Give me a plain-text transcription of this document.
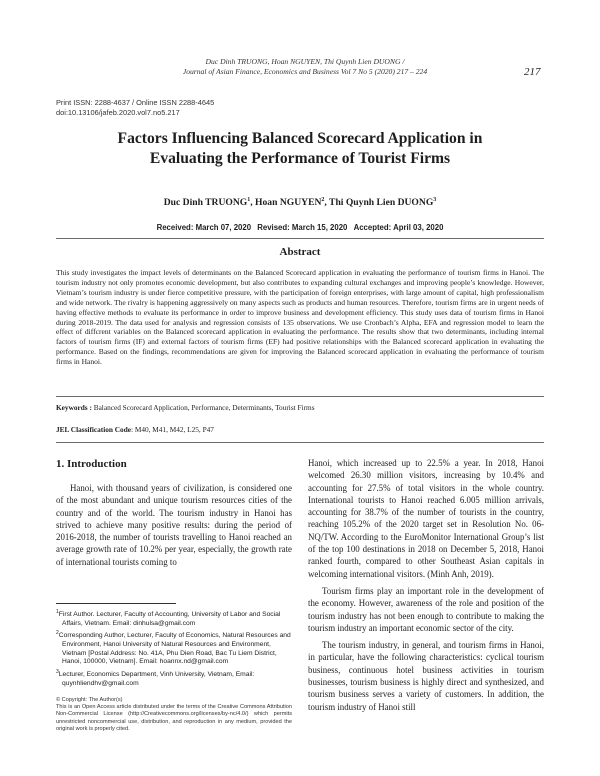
Duc Dinh TRUONG, Hoan NGUYEN, Thi Quynh Lien DUONG /
Journal of Asian Finance, Economics and Business Vol 7 No 5 (2020) 217 – 224	217
Print ISSN: 2288-4637 / Online ISSN 2288-4645
doi:10.13106/jafeb.2020.vol7.no5.217
Factors Influencing Balanced Scorecard Application in
Evaluating the Performance of Tourist Firms
Duc Dinh TRUONG$^1$, Hoan NGUYEN$^2$, Thi Quynh Lien DUONG$^3$
Received: March 07, 2020 Revised: March 15, 2020 Accepted: April 03, 2020
Abstract
This study investigates the impact levels of determinants on the Balanced Scorecard application in evaluating the performance of tourism firms in Hanoi. The tourism industry not only promotes economic development, but also contributes to expanding cultural exchanges and improving people’s knowledge. However, Vietnam’s tourism industry is under fierce competitive pressure, with the participation of foreign enterprises, with large amount of capital, high professionalism and wide network. The rivalry is happening aggressively on many aspects such as products and human resources. Therefore, tourism firms are in urgent needs of having effective methods to evaluate its performance in order to improve business and development efficiency. This study uses data of tourism firms in Hanoi during 2018-2019. The data used for analysis and regression consists of 135 observations. We use Cronbach’s Alpha, EFA and regression model to learn the effect of diffcrent variables on the Balanced scorecard application in evaluating the performance. The results show that two determinants, including internal factors of tourism firms (IF) and external factors of tourism firms (EF) had positive relationships with the Balanced scorecard application in evaluating the performance. Based on the findings, recommendations are given for improving the Balanced scorecard application in evaluating the performance of tourism firms in Hanoi.
Keywords : Balanced Scorecard Application, Performance, Determinants, Tourist Firms
JEL Classification Code: M40, M41, M42, L25, P47
1. Introduction

Hanoi, with thousand years of civilization, is considered one of the most abundant and unique tourism resources cities of the country and of the world. The tourism industry in Hanoi has strived to achieve many positive results: during the period of 2016-2018, the number of tourists travelling to Hanoi reached an average growth rate of 10.2% per year, especially, the growth rate of international tourists coming to

Hanoi, which increased up to 22.5% a year. In 2018, Hanoi welcomed 26.30 million visitors, increasing by 10.4% and accounting for 27.5% of total visitors in the whole country. International tourists to Hanoi reached 6.005 million arrivals, accounting for 38.7% of the number of tourists in the country, reaching 105.2% of the 2020 target set in Resolution No. 06-NQ/TW. According to the EuroMonitor International Group’s list of the top 100 destinations in 2018 on December 5, 2018, Hanoi ranked fourth, compared to other Southeast Asian capitals in welcoming international visitors. (Minh Anh, 2019).

Tourism firms play an important role in the development of the economy. However, awareness of the role and position of the tourism industry has not been enough to contribute to making the tourism industry an important economic sector of the city.

The tourism industry, in general, and tourism firms in Hanoi, in particular, have the following characteristics: cyclical tourism business, continuous hotel business activities in tourism businesses, tourism business is highly direct and synthesized, and tourism business serves a variety of customers. In addition, the tourism industry of Hanoi still

$^1$First Author. Lecturer, Faculty of Accounting, University of Labor and Social Affairs, Vietnam. Email: dinhulsa@gmail.com

$^2$Corresponding Author, Lecturer, Faculty of Economics, Natural Resources and Environment, Hanoi University of Natural Resources and Environment, Vietnam [Postal Address: No. 41A, Phu Dien Road, Bac Tu Liem District, Hanoi, 100000, Vietnam]. Email: hoannx.nd@gmail.com

$^3$Lecturer, Economics Department, Vinh University, Vietnam, Email: quynhliendhv@gmail.com

© Copyright: The Author(s)
This is an Open Access article distributed under the terms of the Creative Commons Attribution Non-Commercial License (http://Creativecommons.org/licenses/by-nc/4.0/) which permits unrestricted noncommercial use, distribution, and reproduction in any medium, provided the original work is properly cited.
